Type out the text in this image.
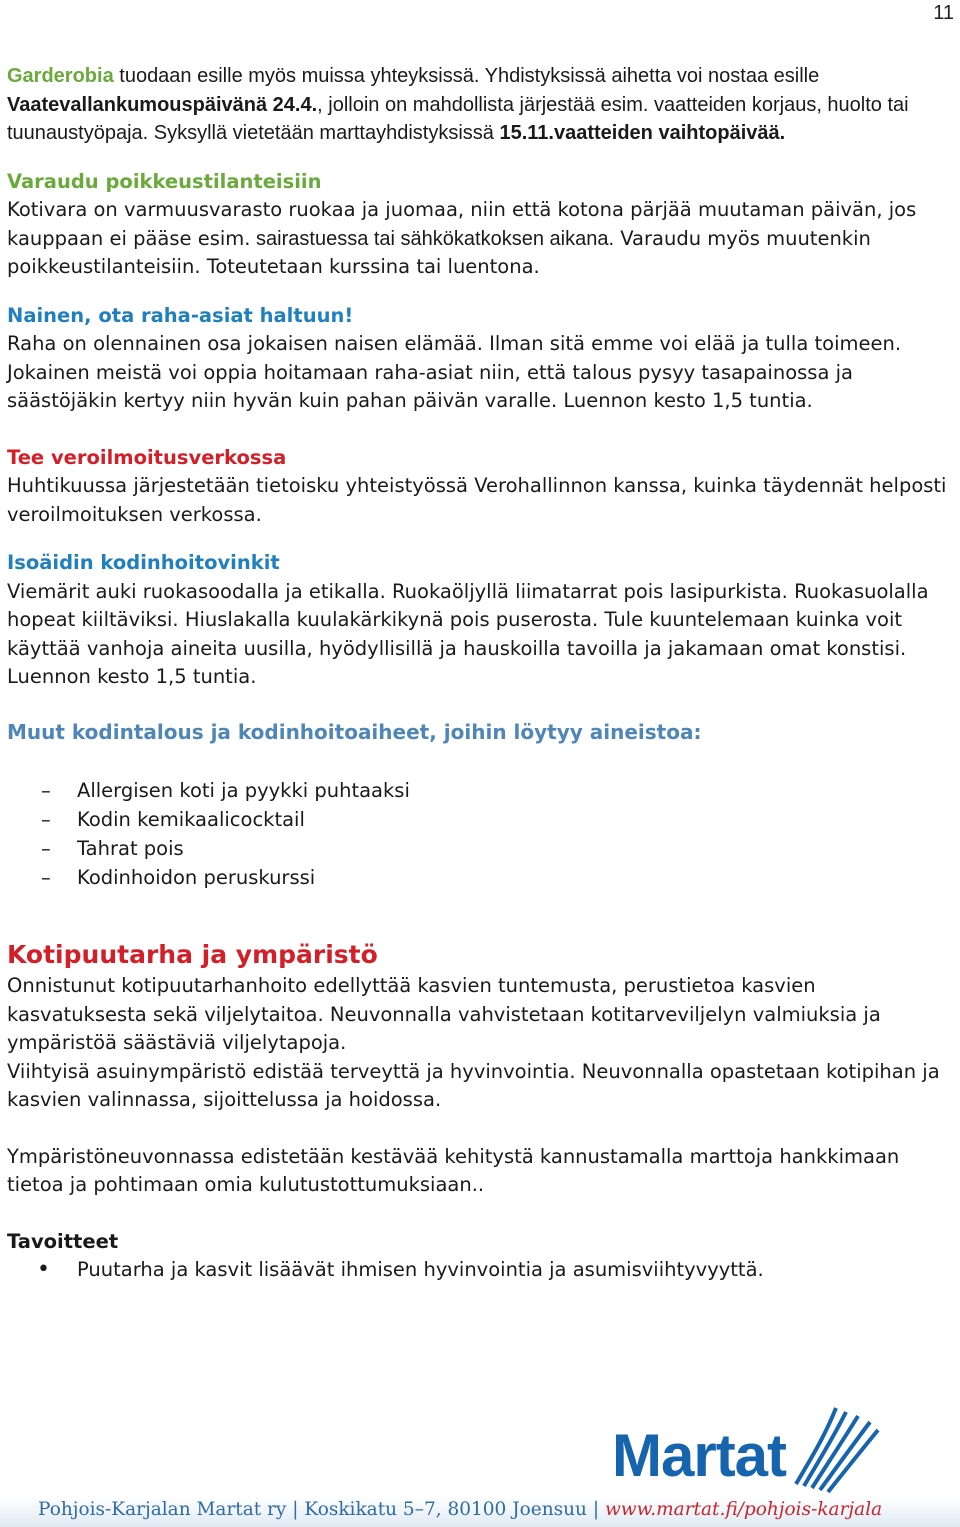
11

Garderobia tuodaan esille myös muissa yhteyksissä. Yhdistyksissä aihetta voi nostaa esille Vaatevallankumouspäivänä 24.4., jolloin on mahdollista järjestää esim. vaatteiden korjaus, huolto tai tuunaustyöpaja. Syksyllä vietetään marttayhdistyksissä 15.11.vaatteiden vaihtopäivää.

Varaudu poikkeustilanteisiin

Kotivara on varmuusvarasto ruokaa ja juomaa, niin että kotona pärjää muutaman päivän, jos kauppaan ei pääse esim. sairastuessa tai sähkökatkoksen aikana. Varaudu myös muutenkin poikkeustilanteisiin. Toteutetaan kurssina tai luentona.

Nainen, ota raha-asiat haltuun!

Raha on olennainen osa jokaisen naisen elämää. Ilman sitä emme voi elää ja tulla toimeen. Jokainen meistä voi oppia hoitamaan raha-asiat niin, että talous pysyy tasapainossa ja säästöjäkin kertyy niin hyvän kuin pahan päivän varalle. Luennon kesto 1,5 tuntia.

Tee veroilmoitusverkossa

Huhtikuussa järjestetään tietoisku yhteistyössä Verohallinnon kanssa, kuinka täydennät helposti veroilmoituksen verkossa.

Isoäidin kodinhoitovinkit

Viemärit auki ruokasoodalla ja etikalla. Ruokaöljyllä liimatarrat pois lasipurkista. Ruokasuolalla hopeat kiiltäviksi. Hiuslakalla kuulakärkikynä pois puserosta. Tule kuuntelemaan kuinka voit käyttää vanhoja aineita uusilla, hyödyllisillä ja hauskoilla tavoilla ja jakamaan omat konstisi. Luennon kesto 1,5 tuntia.

Muut kodintalous ja kodinhoitoaiheet, joihin löytyy aineistoa:

– Allergisen koti ja pyykki puhtaaksi
– Kodin kemikaalicocktail
– Tahrat pois
– Kodinhoidon peruskurssi

Kotipuutarha ja ympäristö

Onnistunut kotipuutarhanhoito edellyttää kasvien tuntemusta, perustietoa kasvien kasvatuksesta sekä viljelytaitoa. Neuvonnalla vahvistetaan kotitarveviljelyn valmiuksia ja ympäristöä säästäviä viljelytapoja.

Viihtyisä asuinympäristö edistää terveyttä ja hyvinvointia. Neuvonnalla opastetaan kotipihan ja kasvien valinnassa, sijoittelussa ja hoidossa.

Ympäristöneuvonnassa edistetään kestävää kehitystä kannustamalla marttoja hankkimaan tietoa ja pohtimaan omia kulutustottumuksiaan..

Tavoitteet

• Puutarha ja kasvit lisäävät ihmisen hyvinvointia ja asumisviihtyvyyttä.
Martat
Pohjois-Karjalan Martat ry | Koskikatu 5–7, 80100 Joensuu | www.martat.fi/pohjois-karjala
